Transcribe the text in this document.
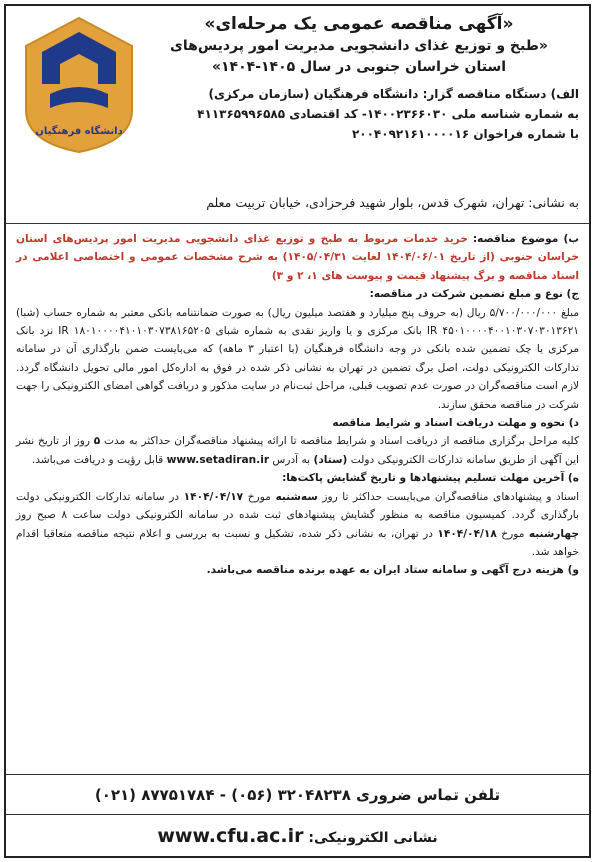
دانشگاه فرهنگیان
«آگهی مناقصه عمومی یک مرحله‌ای»
«طبخ و توزیع غذای دانشجویی مدیریت امور پردیس‌های
استان خراسان جنوبی در سال ۱۴۰۵-۱۴۰۴»
الف) دستگاه مناقصه گزار: دانشگاه فرهنگیان (سازمان مرکزی)
به شماره شناسه ملی ۱۴۰۰۲۳۶۶۰۳۰- کد اقتصادی ۴۱۱۳۶۵۹۹۶۵۸۵
با شماره فراخوان ۲۰۰۴۰۹۲۱۶۱۰۰۰۰۱۶
به نشانی: تهران، شهرک قدس، بلوار شهید فرحزادی، خیابان تربیت معلم

ب) موضوع مناقصه: خرید خدمات مربوط به طبخ و توزیع غذای دانشجویی مدیریت امور پردیس‌های استان خراسان جنوبی (از تاریخ ۱۴۰۴/۰۶/۰۱ لغایت ۱۴۰۵/۰۴/۳۱) به شرح مشخصات عمومی و اختصاصی اعلامی در اسناد مناقصه و برگ پیشنهاد قیمت و پیوست های ۱، ۲ و ۳)

ج) نوع و مبلغ تضمین شرکت در مناقصه:

مبلغ ۵/۷۰۰/۰۰۰/۰۰۰ ریال (به حروف پنج میلیارد و هفتصد میلیون ریال) به صورت ضمانتنامه بانکی معتبر به شماره حساب (شبا) IR ۴۵۰۱۰۰۰۰۴۰۰۱۰۳۰۷۰۳۰۱۳۶۲۱ بانک مرکزی و یا واریز نقدی به شماره شبای IR ۱۸۰۱۰۰۰۰۴۱۰۱۰۳۰۷۳۸۱۶۵۲۰۵ نزد بانک مرکزی یا چک تضمین شده بانکی در وجه دانشگاه فرهنگیان (با اعتبار ۳ ماهه) که می‌بایست ضمن بارگذاری آن در سامانه تدارکات الکترونیکی دولت، اصل برگ تضمین در تهران به نشانی ذکر شده در فوق به اداره‌کل امور مالی تحویل دانشگاه گردد. لازم است مناقصه‌گران در صورت عدم تصویب قبلی، مراحل ثبت‌نام در سایت مذکور و دریافت گواهی امضای الکترونیکی را جهت شرکت در مناقصه محقق سازند.

د) نحوه و مهلت دریافت اسناد و شرایط مناقصه

کلیه مراحل برگزاری مناقصه از دریافت اسناد و شرایط مناقصه تا ارائه پیشنهاد مناقصه‌گران حداکثر به مدت ۵ روز از تاریخ نشر این آگهی از طریق سامانه تدارکات الکترونیکی دولت (ستاد) به آدرس www.setadiran.ir قابل رؤیت و دریافت می‌باشد.

ه) آخرین مهلت تسلیم پیشنهادها و تاریخ گشایش پاکت‌ها:

اسناد و پیشنهادهای مناقصه‌گران می‌بایست حداکثر تا روز سه‌شنبه مورخ ۱۴۰۴/۰۴/۱۷ در سامانه تدارکات الکترونیکی دولت بارگذاری گردد. کمیسیون مناقصه به منظور گشایش پیشنهادهای ثبت شده در سامانه الکترونیکی دولت ساعت ۸ صبح روز چهارشنبه مورخ ۱۴۰۴/۰۴/۱۸ در تهران، به نشانی ذکر شده، تشکیل و نسبت به بررسی و اعلام نتیجه مناقصه متعاقبا اقدام خواهد شد.

و) هزینه درج آگهی و سامانه ستاد ایران به عهده برنده مناقصه می‌باشد.

تلفن تماس ضروری ۳۲۰۴۸۲۳۸ (۰۵۶) - ۸۷۷۵۱۷۸۴ (۰۲۱)
نشانی الکترونیکی: www.cfu.ac.ir
